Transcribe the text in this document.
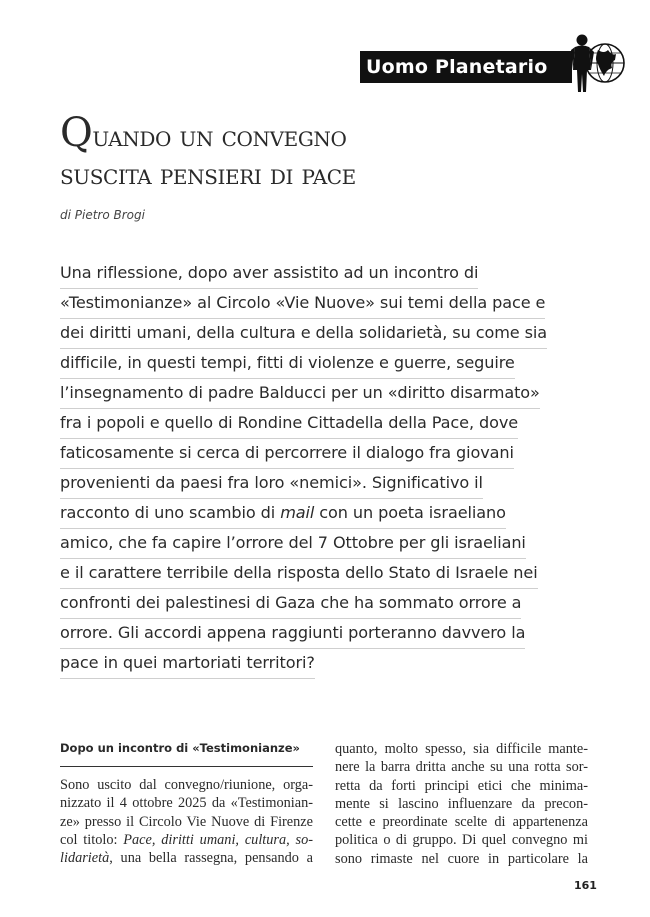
Uomo Planetario
Quando un convegno
suscita pensieri di pace
di Pietro Brogi
Una riflessione, dopo aver assistito ad un incontro di
«Testimonianze» al Circolo «Vie Nuove» sui temi della pace e
dei diritti umani, della cultura e della solidarietà, su come sia
difficile, in questi tempi, fitti di violenze e guerre, seguire
l’insegnamento di padre Balducci per un «diritto disarmato»
fra i popoli e quello di Rondine Cittadella della Pace, dove
faticosamente si cerca di percorrere il dialogo fra giovani
provenienti da paesi fra loro «nemici». Significativo il
racconto di uno scambio di mail con un poeta israeliano
amico, che fa capire l’orrore del 7 Ottobre per gli israeliani
e il carattere terribile della risposta dello Stato di Israele nei
confronti dei palestinesi di Gaza che ha sommato orrore a
orrore. Gli accordi appena raggiunti porteranno davvero la
pace in quei martoriati territori?
Dopo un incontro di «Testimonianze»
Sono uscito dal convegno/riunione, orga-
nizzato il 4 ottobre 2025 da «Testimonian-
ze» presso il Circolo Vie Nuove di Firenze
col titolo: Pace, diritti umani, cultura, so-
lidarietà, una bella rassegna, pensando a
quanto, molto spesso, sia difficile mante-
nere la barra dritta anche su una rotta sor-
retta da forti principi etici che minima-
mente si lascino influenzare da precon-
cette e preordinate scelte di appartenenza
politica o di gruppo. Di quel convegno mi
sono rimaste nel cuore in particolare la
161
